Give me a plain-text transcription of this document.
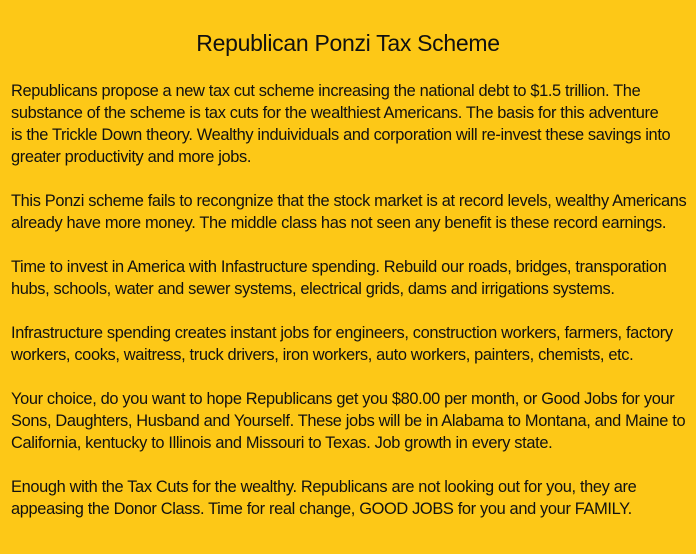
Republican Ponzi Tax Scheme

Republicans propose a new tax cut scheme increasing the national debt to $1.5 trillion. The
substance of the scheme is tax cuts for the wealthiest Americans. The basis for this adventure
is the Trickle Down theory. Wealthy induividuals and corporation will re-invest these savings into
greater productivity and more jobs.

This Ponzi scheme fails to recongnize that the stock market is at record levels, wealthy Americans
already have more money. The middle class has not seen any benefit is these record earnings.

Time to invest in America with Infastructure spending. Rebuild our roads, bridges, transporation
hubs, schools, water and sewer systems, electrical grids, dams and irrigations systems.

Infrastructure spending creates instant jobs for engineers, construction workers, farmers, factory
workers, cooks, waitress, truck drivers, iron workers, auto workers, painters, chemists, etc.

Your choice, do you want to hope Republicans get you $80.00 per month, or Good Jobs for your
Sons, Daughters, Husband and Yourself. These jobs will be in Alabama to Montana, and Maine to
California, kentucky to Illinois and Missouri to Texas. Job growth in every state.

Enough with the Tax Cuts for the wealthy. Republicans are not looking out for you, they are
appeasing the Donor Class. Time for real change, GOOD JOBS for you and your FAMILY.
